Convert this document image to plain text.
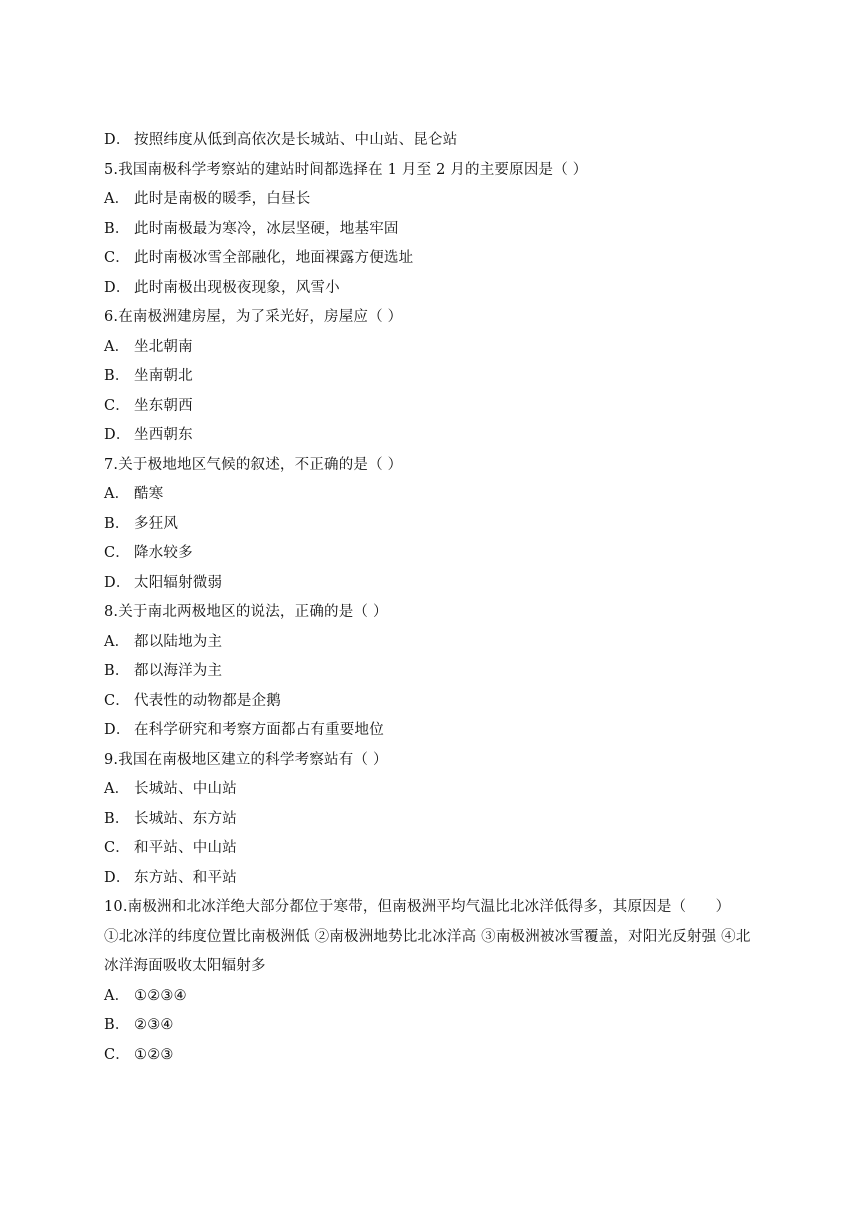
D． 按照纬度从低到高依次是长城站、中山站、昆仑站
5.我国南极科学考察站的建站时间都选择在 1 月至 2 月的主要原因是（ ）
A． 此时是南极的暖季，白昼长
B． 此时南极最为寒冷，冰层坚硬，地基牢固
C． 此时南极冰雪全部融化，地面裸露方便选址
D． 此时南极出现极夜现象，风雪小
6.在南极洲建房屋，为了采光好，房屋应（ ）
A． 坐北朝南
B． 坐南朝北
C． 坐东朝西
D． 坐西朝东
7.关于极地地区气候的叙述，不正确的是（ ）
A． 酷寒
B． 多狂风
C． 降水较多
D． 太阳辐射微弱
8.关于南北两极地区的说法，正确的是（ ）
A． 都以陆地为主
B． 都以海洋为主
C． 代表性的动物都是企鹅
D． 在科学研究和考察方面都占有重要地位
9.我国在南极地区建立的科学考察站有（ ）
A． 长城站、中山站
B． 长城站、东方站
C． 和平站、中山站
D． 东方站、和平站
10.南极洲和北冰洋绝大部分都位于寒带，但南极洲平均气温比北冰洋低得多，其原因是（　　）
①北冰洋的纬度位置比南极洲低 ②南极洲地势比北冰洋高 ③南极洲被冰雪覆盖，对阳光反射强 ④北冰洋海面吸收太阳辐射多
A． ①②③④
B． ②③④
C． ①②③
